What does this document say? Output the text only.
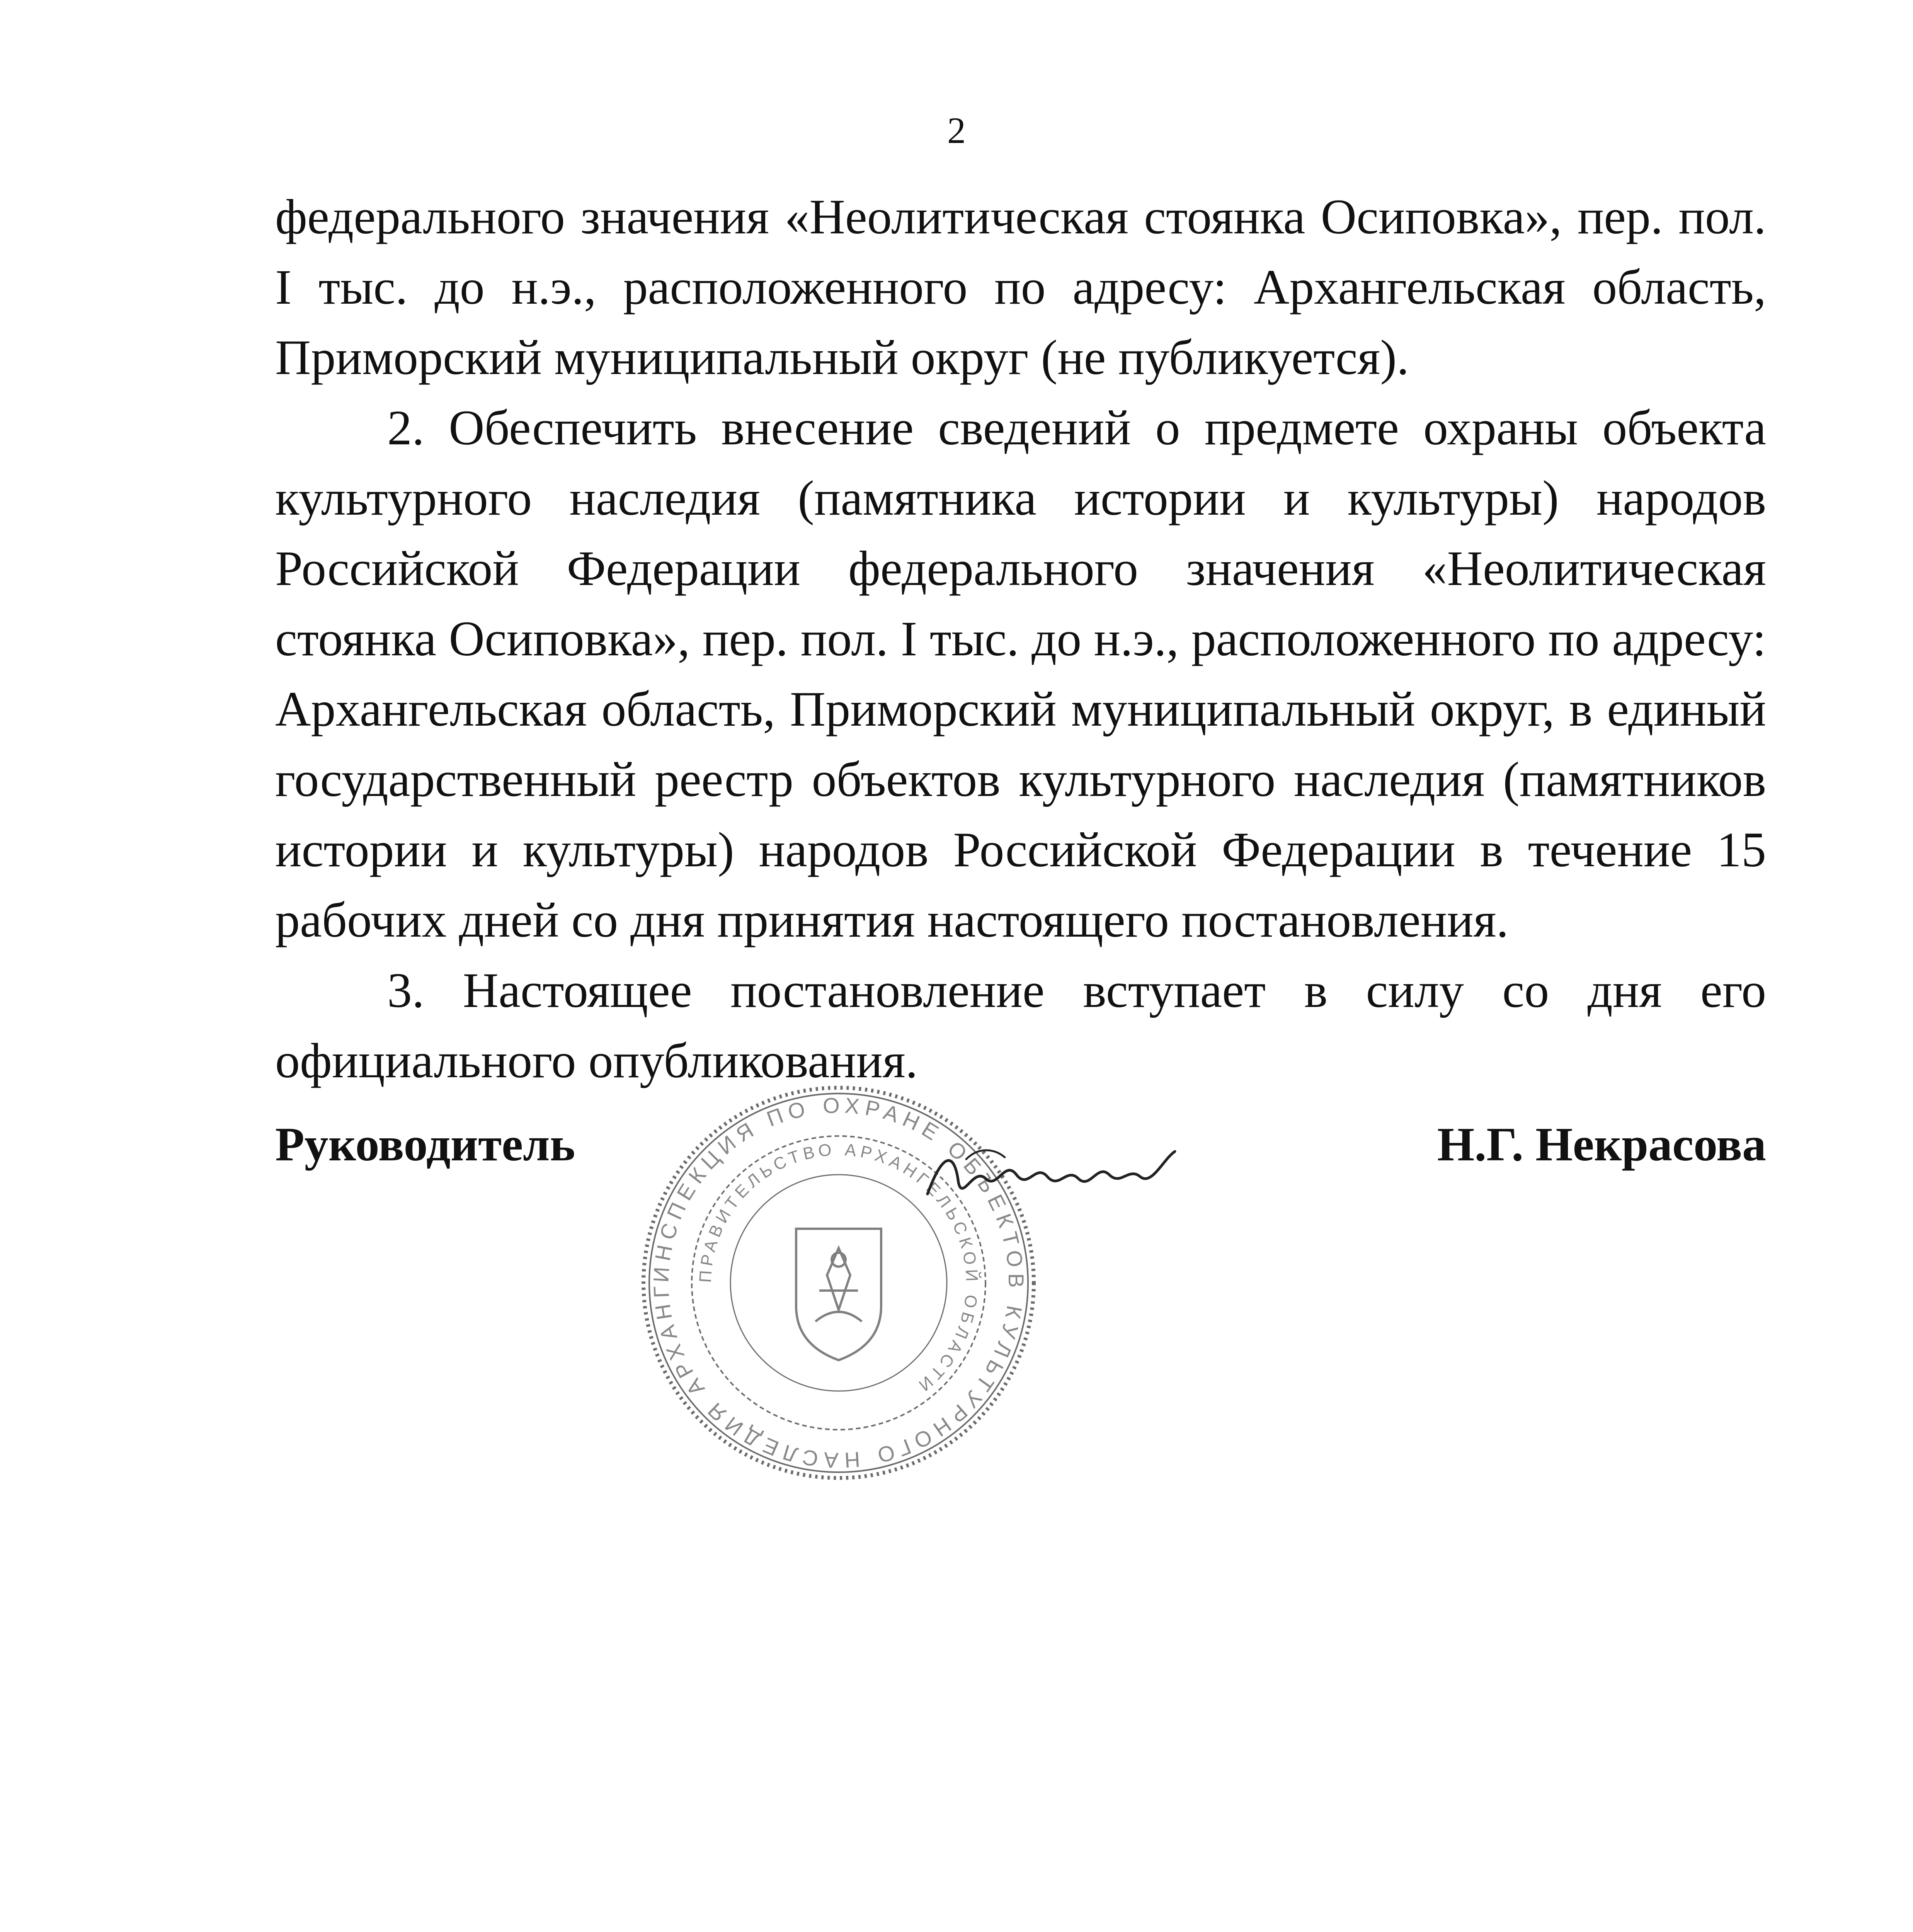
2

федерального значения «Неолитическая стоянка Осиповка», пер. пол. I тыс. до н.э., расположенного по адресу: Архангельская область, Приморский муниципальный округ (не публикуется).

2. Обеспечить внесение сведений о предмете охраны объекта культурного наследия (памятника истории и культуры) народов Российской Федерации федерального значения «Неолитическая стоянка Осиповка», пер. пол. I тыс. до н.э., расположенного по адресу: Архангельская область, Приморский муниципальный округ, в единый государственный реестр объектов культурного наследия (памятников истории и культуры) народов Российской Федерации в течение 15 рабочих дней со дня принятия настоящего постановления.

3. Настоящее постановление вступает в силу со дня его официального опубликования.

Руководитель	Н.Г. Некрасова
ИНСПЕКЦИЯ ПО ОХРАНЕ ОБЪЕКТОВ КУЛЬТУРНОГО НАСЛЕДИЯ АРХАНГ
ПРАВИТЕЛЬСТВО АРХАНГЕЛЬСКОЙ ОБЛАСТИ
